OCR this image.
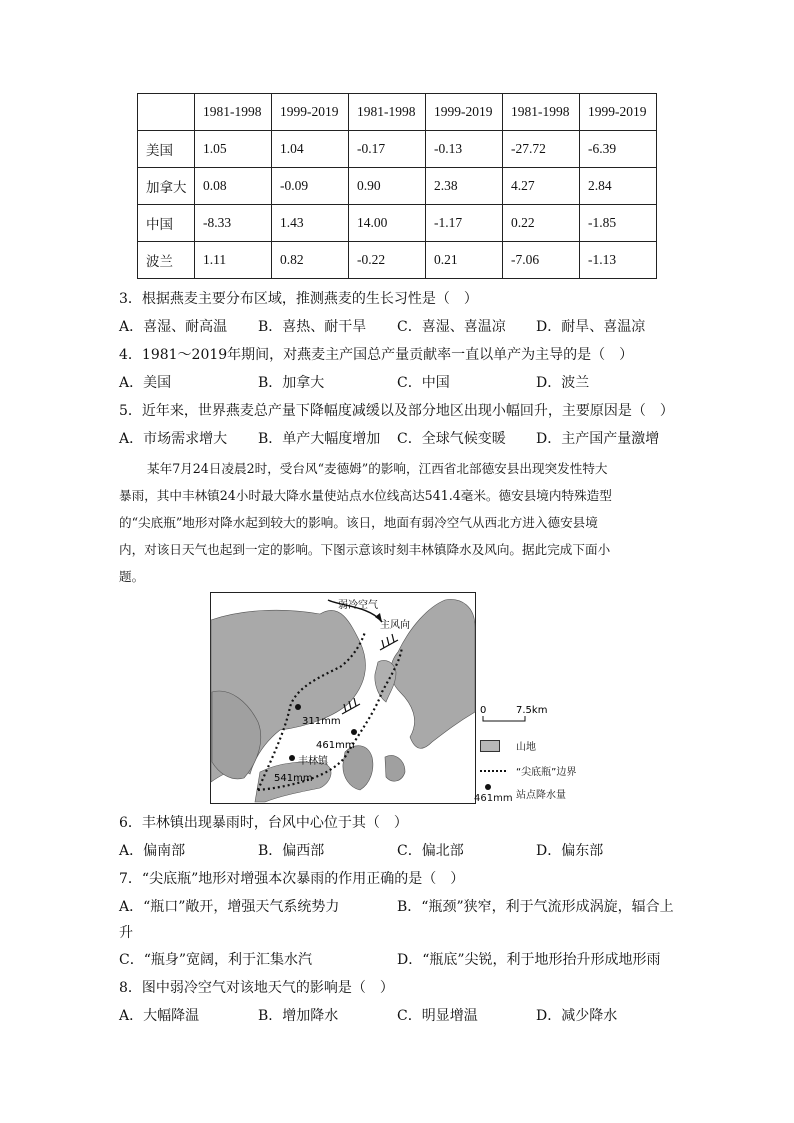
	1981-1998	1999-2019	1981-1998	1999-2019	1981-1998	1999-2019
美国	1.05	1.04	-0.17	-0.13	-27.72	-6.39
加拿大	0.08	-0.09	0.90	2.38	4.27	2.84
中国	-8.33	1.43	14.00	-1.17	0.22	-1.85
波兰	1.11	0.82	-0.22	0.21	-7.06	-1.13
3．根据燕麦主要分布区域，推测燕麦的生长习性是（　）
A．喜湿、耐高温 B．喜热、耐干旱 C．喜湿、喜温凉 D．耐旱、喜温凉
4．1981～2019年期间，对燕麦主产国总产量贡献率一直以单产为主导的是（　）
A．美国	B．加拿大	C．中国	D．波兰
5．近年来，世界燕麦总产量下降幅度减缓以及部分地区出现小幅回升，主要原因是（　）
A．市场需求增大 B．单产大幅度增加 C．全球气候变暖 D．主产国产量激增
某年7月24日凌晨2时，受台风“麦德姆”的影响，江西省北部德安县出现突发性特大
暴雨，其中丰林镇24小时最大降水量使站点水位线高达541.4毫米。德安县境内特殊造型
的“尖底瓶”地形对降水起到较大的影响。该日，地面有弱冷空气从西北方进入德安县境
内，对该日天气也起到一定的影响。下图示意该时刻丰林镇降水及风向。据此完成下面小
题。
弱冷空气
主风向
311mm
461mm
丰林镇
541mm
0	7.5km
山地
“尖底瓶”边界
站点降水量
461mm
6．丰林镇出现暴雨时，台风中心位于其（　）
A．偏南部	B．偏西部	C．偏北部	D．偏东部
7．“尖底瓶”地形对增强本次暴雨的作用正确的是（　）
A．“瓶口”敞开，增强天气系统势力	B．“瓶颈”狭窄，利于气流形成涡旋，辐合上
升
C．“瓶身”宽阔，利于汇集水汽	D．“瓶底”尖锐，利于地形抬升形成地形雨
8．图中弱冷空气对该地天气的影响是（　）
A．大幅降温	B．增加降水	C．明显增温	D．减少降水
